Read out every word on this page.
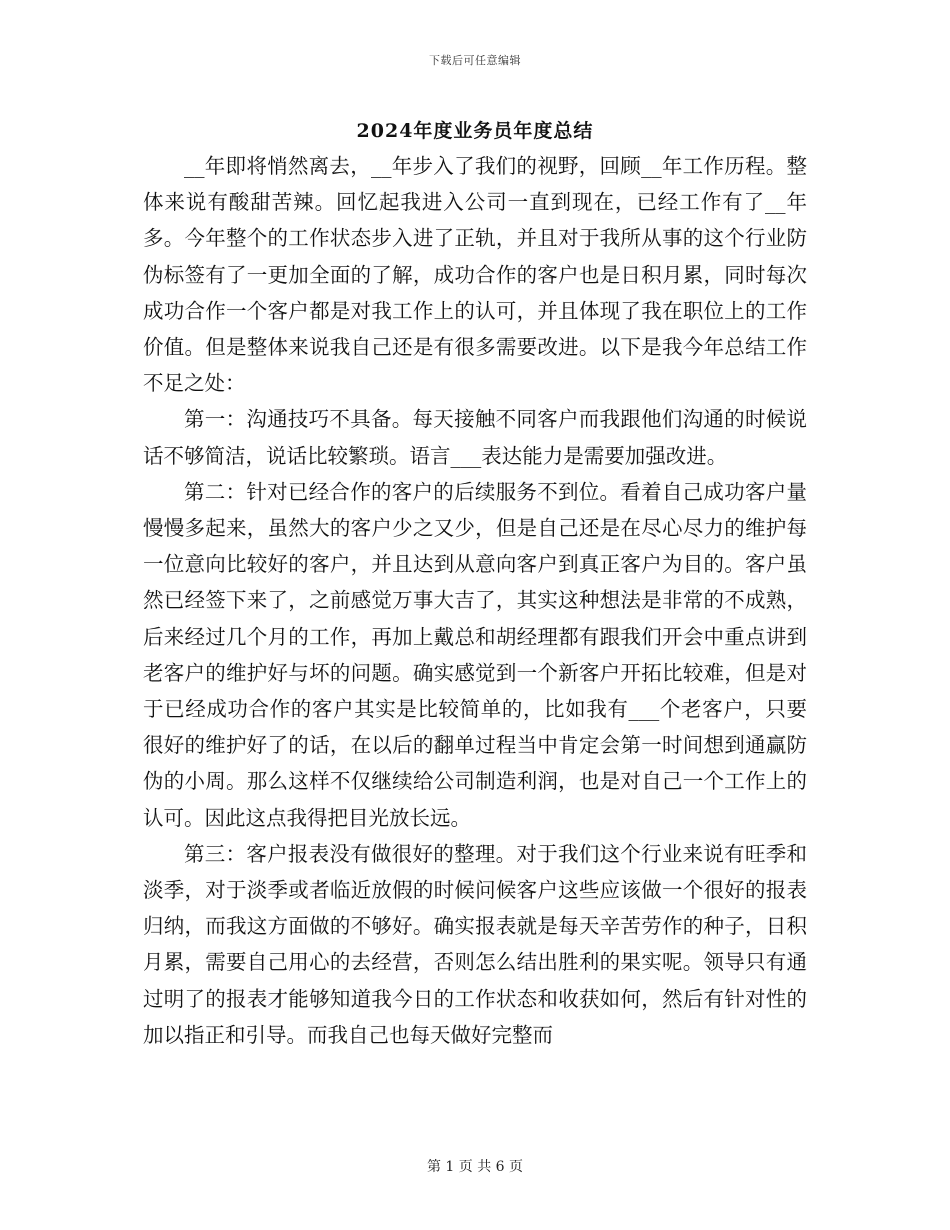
下载后可任意编辑
2024年度业务员年度总结

__年即将悄然离去，__年步入了我们的视野，回顾__年工作历程。整体来说有酸甜苦辣。回忆起我进入公司一直到现在，已经工作有了__年多。今年整个的工作状态步入进了正轨，并且对于我所从事的这个行业防伪标签有了一更加全面的了解，成功合作的客户也是日积月累，同时每次成功合作一个客户都是对我工作上的认可，并且体现了我在职位上的工作价值。但是整体来说我自己还是有很多需要改进。以下是我今年总结工作不足之处：

第一：沟通技巧不具备。每天接触不同客户而我跟他们沟通的时候说话不够简洁，说话比较繁琐。语言___表达能力是需要加强改进。

第二：针对已经合作的客户的后续服务不到位。看着自己成功客户量慢慢多起来，虽然大的客户少之又少，但是自己还是在尽心尽力的维护每一位意向比较好的客户，并且达到从意向客户到真正客户为目的。客户虽然已经签下来了，之前感觉万事大吉了，其实这种想法是非常的不成熟，后来经过几个月的工作，再加上戴总和胡经理都有跟我们开会中重点讲到老客户的维护好与坏的问题。确实感觉到一个新客户开拓比较难，但是对于已经成功合作的客户其实是比较简单的，比如我有___个老客户，只要很好的维护好了的话，在以后的翻单过程当中肯定会第一时间想到通赢防伪的小周。那么这样不仅继续给公司制造利润，也是对自己一个工作上的认可。因此这点我得把目光放长远。

第三：客户报表没有做很好的整理。对于我们这个行业来说有旺季和淡季，对于淡季或者临近放假的时候问候客户这些应该做一个很好的报表归纳，而我这方面做的不够好。确实报表就是每天辛苦劳作的种子，日积月累，需要自己用心的去经营，否则怎么结出胜利的果实呢。领导只有通过明了的报表才能够知道我今日的工作状态和收获如何，然后有针对性的加以指正和引导。而我自己也每天做好完整而

第 1 页 共 6 页
